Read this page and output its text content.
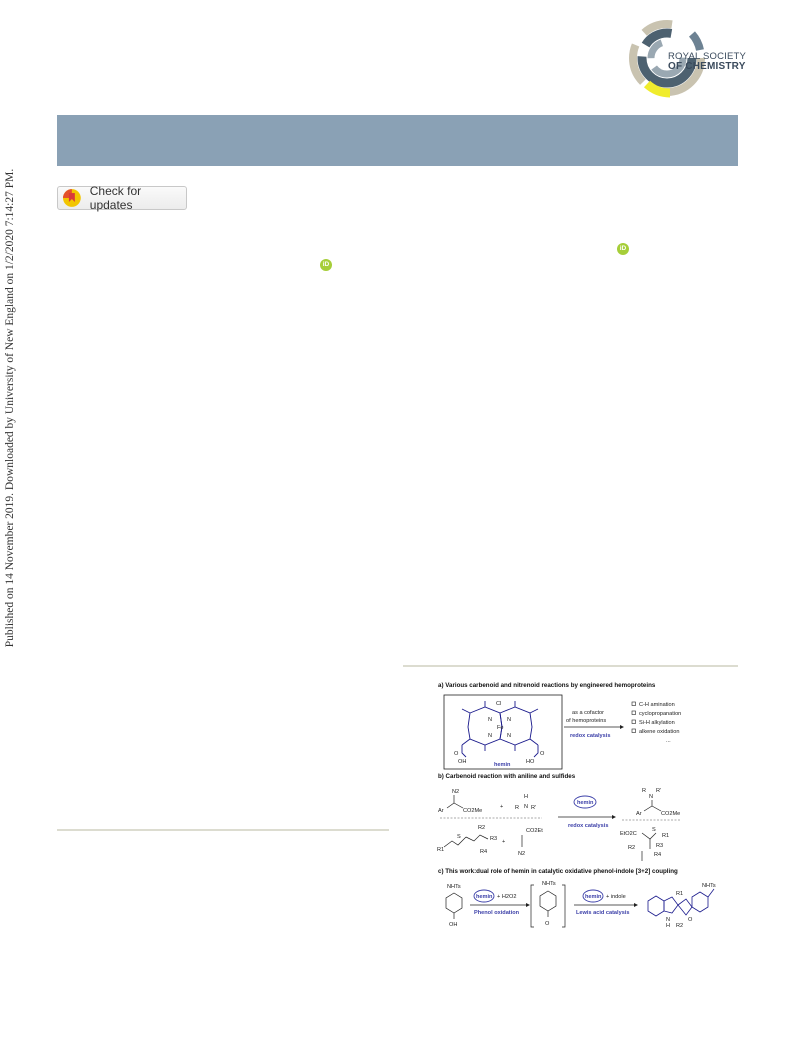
Published on 14 November 2019. Downloaded by University of New England on 1/2/2020 7:14:27 PM.
ROYAL SOCIETY
OF CHEMISTRY
Check for updates
iD
iD
a) Various carbenoid and nitrenoid reactions by engineered hemoproteins
Cl
Fe
N	N
N	N
O
OH
O
HO
hemin
as a cofactor
of hemoproteins
redox catalysis
C-H amination
cyclopropanation
Si-H alkylation
alkene oxidation
...
N2
Ar	CO2Me
+
H
N
R R'
R1
S
R2
R3
R4
+
CO2Et
N2
hemin
redox catalysis
R
N
R'
Ar	CO2Me
EtO2C
S
R1
R2	R3
R4
NHTs
OH
hemin + H2O2
Phenol oxidation
NHTs
O
hemin + indole
Lewis acid catalysis
NHTs
R1
N
H
O
R2
b) Carbenoid reaction with aniline and sulfides
c) This work:dual role of hemin in catalytic oxidative phenol-indole [3+2] coupling
